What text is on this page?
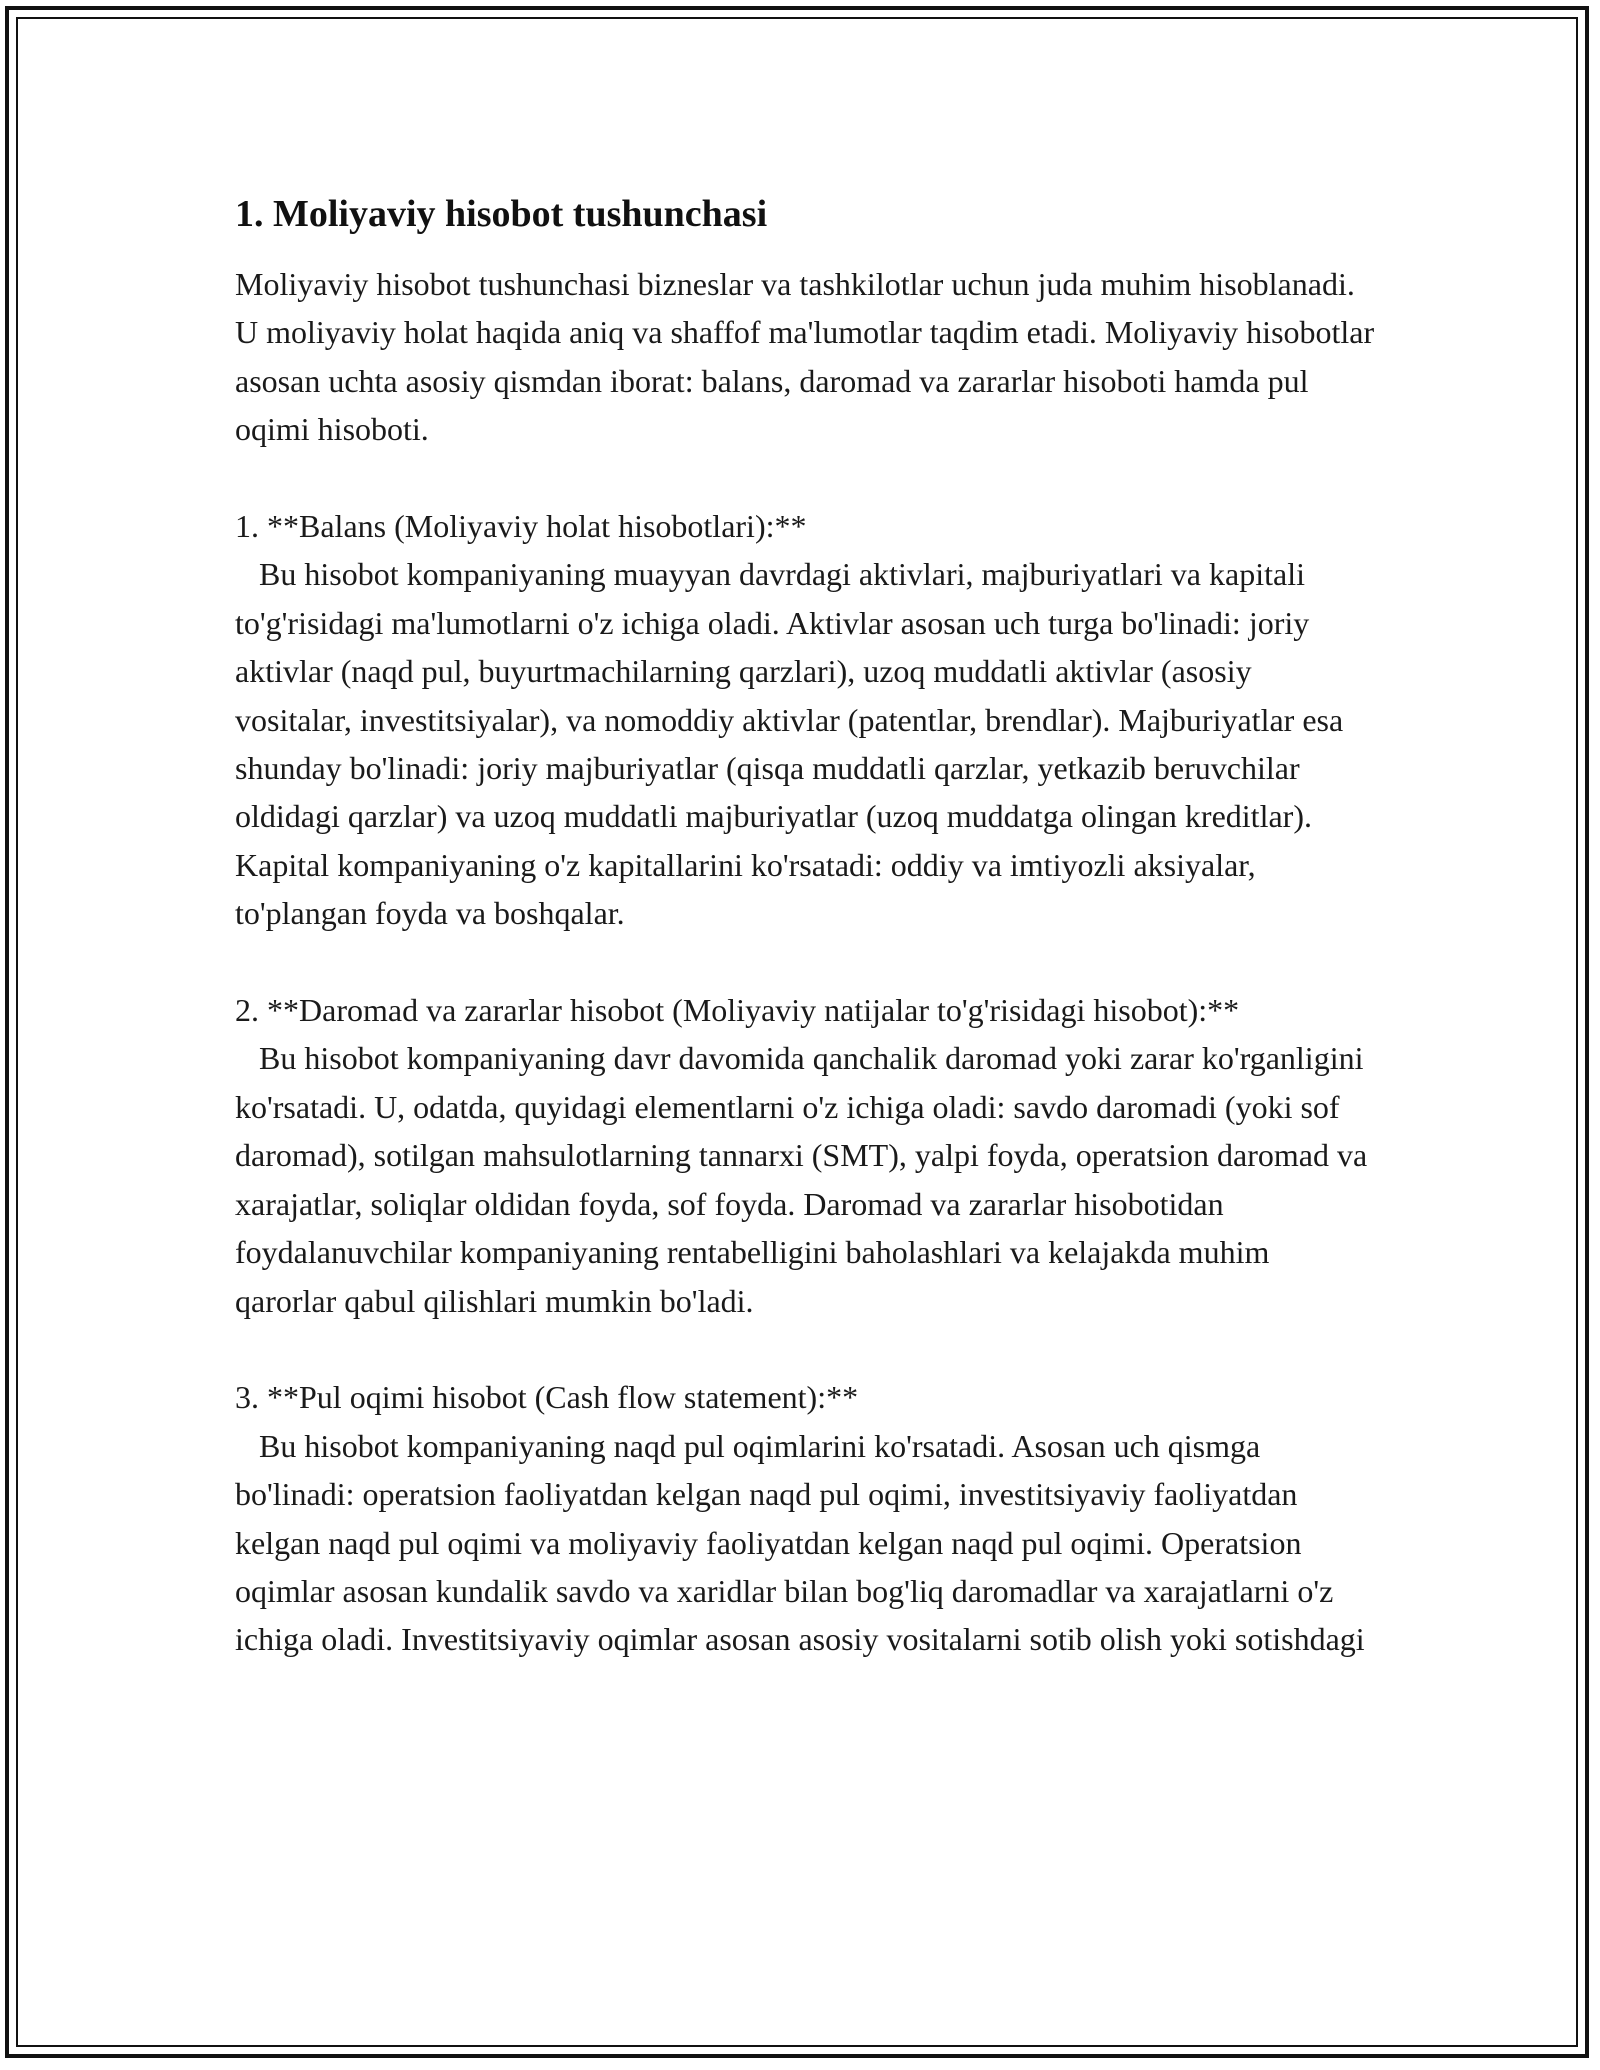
1. Moliyaviy hisobot tushunchasi

Moliyaviy hisobot tushunchasi bizneslar va tashkilotlar uchun juda muhim hisoblanadi. U moliyaviy holat haqida aniq va shaffof ma'lumotlar taqdim etadi. Moliyaviy hisobotlar asosan uchta asosiy qismdan iborat: balans, daromad va zararlar hisoboti hamda pul oqimi hisoboti.

1. **Balans (Moliyaviy holat hisobotlari):**

Bu hisobot kompaniyaning muayyan davrdagi aktivlari, majburiyatlari va kapitali to'g'risidagi ma'lumotlarni o'z ichiga oladi. Aktivlar asosan uch turga bo'linadi: joriy aktivlar (naqd pul, buyurtmachilarning qarzlari), uzoq muddatli aktivlar (asosiy vositalar, investitsiyalar), va nomoddiy aktivlar (patentlar, brendlar). Majburiyatlar esa shunday bo'linadi: joriy majburiyatlar (qisqa muddatli qarzlar, yetkazib beruvchilar oldidagi qarzlar) va uzoq muddatli majburiyatlar (uzoq muddatga olingan kreditlar). Kapital kompaniyaning o'z kapitallarini ko'rsatadi: oddiy va imtiyozli aksiyalar, to'plangan foyda va boshqalar.

2. **Daromad va zararlar hisobot (Moliyaviy natijalar to'g'risidagi hisobot):**

Bu hisobot kompaniyaning davr davomida qanchalik daromad yoki zarar ko'rganligini ko'rsatadi. U, odatda, quyidagi elementlarni o'z ichiga oladi: savdo daromadi (yoki sof daromad), sotilgan mahsulotlarning tannarxi (SMT), yalpi foyda, operatsion daromad va xarajatlar, soliqlar oldidan foyda, sof foyda. Daromad va zararlar hisobotidan foydalanuvchilar kompaniyaning rentabelligini baholashlari va kelajakda muhim qarorlar qabul qilishlari mumkin bo'ladi.

3. **Pul oqimi hisobot (Cash flow statement):**

Bu hisobot kompaniyaning naqd pul oqimlarini ko'rsatadi. Asosan uch qismga bo'linadi: operatsion faoliyatdan kelgan naqd pul oqimi, investitsiyaviy faoliyatdan kelgan naqd pul oqimi va moliyaviy faoliyatdan kelgan naqd pul oqimi. Operatsion oqimlar asosan kundalik savdo va xaridlar bilan bog'liq daromadlar va xarajatlarni o'z ichiga oladi. Investitsiyaviy oqimlar asosan asosiy vositalarni sotib olish yoki sotishdagi
